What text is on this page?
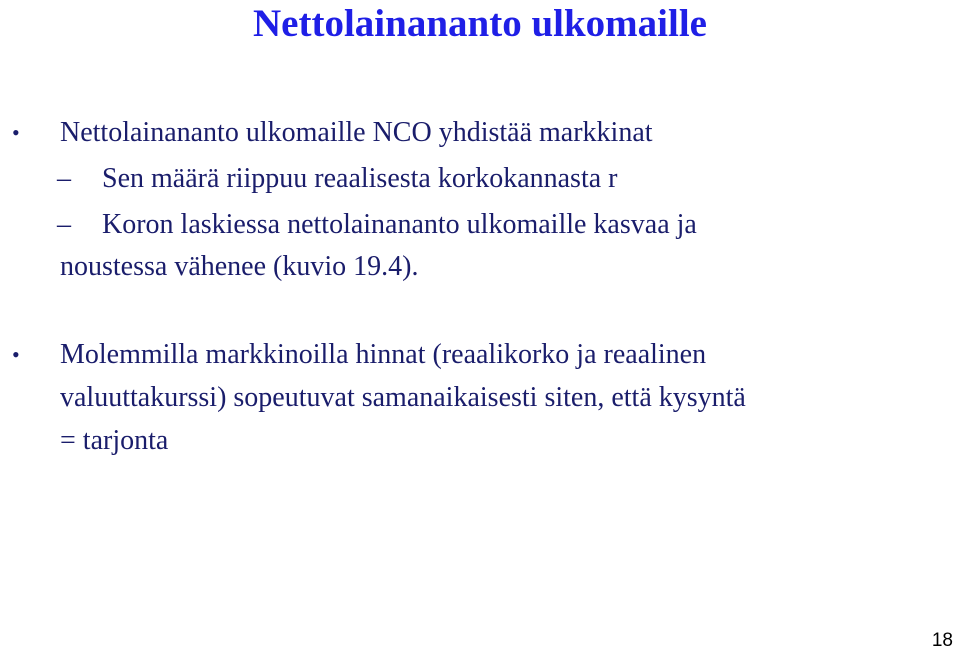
Nettolainananto ulkomaille
• Nettolainananto ulkomaille NCO yhdistää markkinat
– Sen määrä riippuu reaalisesta korkokannasta r
– Koron laskiessa nettolainananto ulkomaille kasvaa ja
noustessa vähenee (kuvio 19.4).
• Molemmilla markkinoilla hinnat (reaalikorko ja reaalinen
valuuttakurssi) sopeutuvat samanaikaisesti siten, että kysyntä
= tarjonta
18
